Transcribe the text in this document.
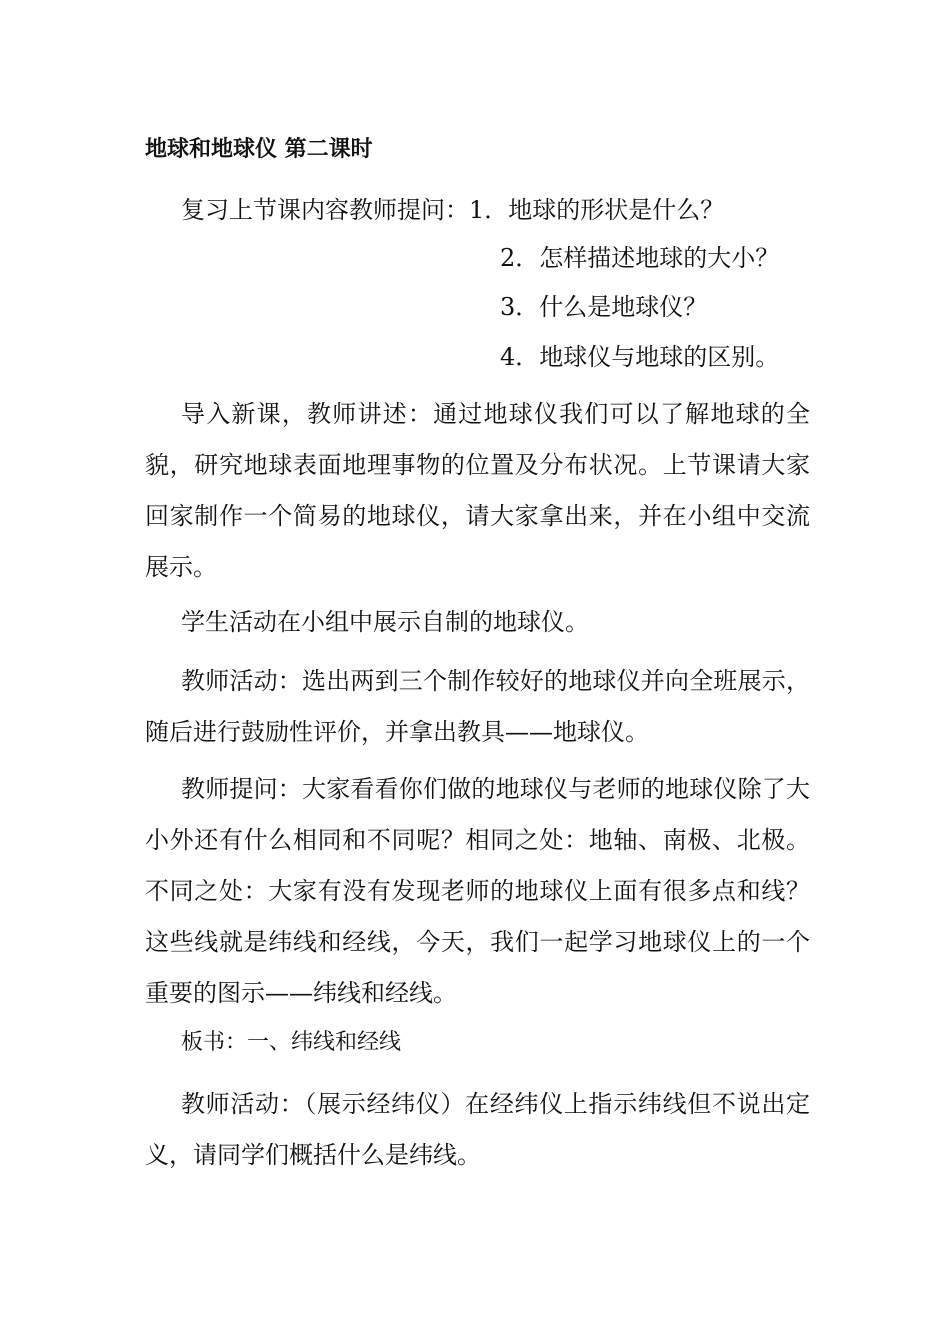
地球和地球仪 第二课时
复习上节课内容教师提问：1．地球的形状是什么？
2．怎样描述地球的大小？
3．什么是地球仪？
4．地球仪与地球的区别。
导入新课，教师讲述：通过地球仪我们可以了解地球的全貌，研究地球表面地理事物的位置及分布状况。上节课请大家回家制作一个简易的地球仪，请大家拿出来，并在小组中交流展示。
学生活动在小组中展示自制的地球仪。
教师活动：选出两到三个制作较好的地球仪并向全班展示，随后进行鼓励性评价，并拿出教具——地球仪。
教师提问：大家看看你们做的地球仪与老师的地球仪除了大小外还有什么相同和不同呢？相同之处：地轴、南极、北极。不同之处：大家有没有发现老师的地球仪上面有很多点和线？这些线就是纬线和经线，今天，我们一起学习地球仪上的一个重要的图示——纬线和经线。
板书：一、纬线和经线
教师活动：（展示经纬仪）在经纬仪上指示纬线但不说出定义，请同学们概括什么是纬线。
